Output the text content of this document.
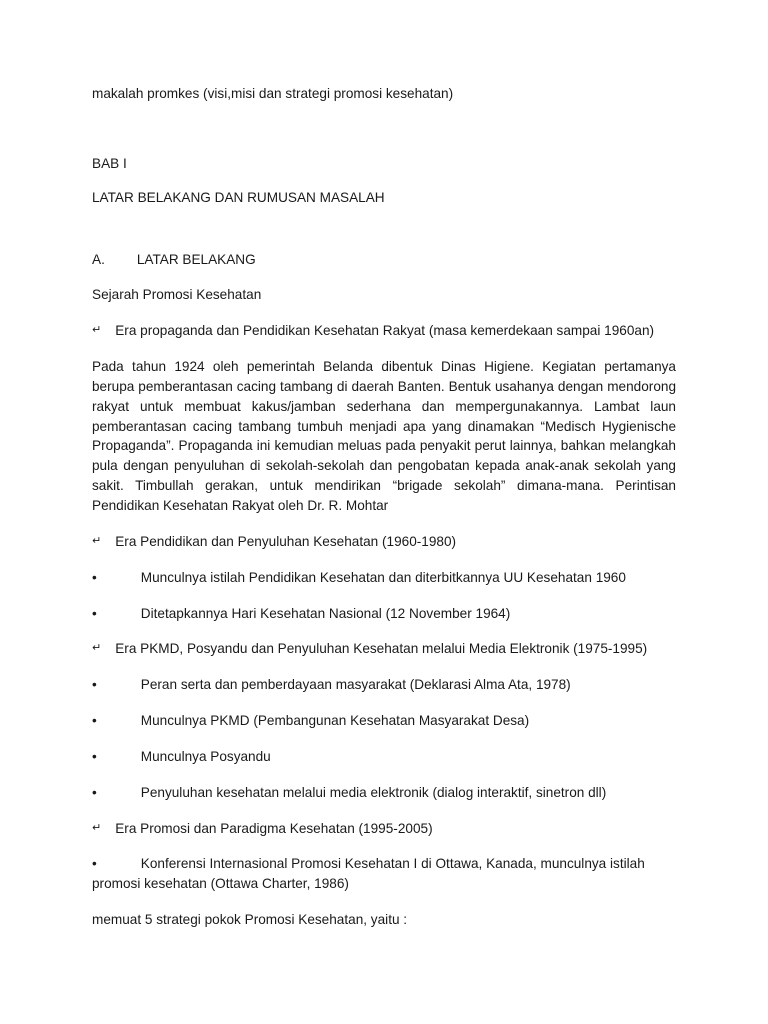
makalah promkes (visi,misi dan strategi promosi kesehatan)

BAB I

LATAR BELAKANG DAN RUMUSAN MASALAH

A. LATAR BELAKANG

Sejarah Promosi Kesehatan

↵ Era propaganda dan Pendidikan Kesehatan Rakyat (masa kemerdekaan sampai 1960an)

Pada tahun 1924 oleh pemerintah Belanda dibentuk Dinas Higiene. Kegiatan pertamanya berupa pemberantasan cacing tambang di daerah Banten. Bentuk usahanya dengan mendorong rakyat untuk membuat kakus/jamban sederhana dan mempergunakannya. Lambat laun pemberantasan cacing tambang tumbuh menjadi apa yang dinamakan “Medisch Hygienische Propaganda”. Propaganda ini kemudian meluas pada penyakit perut lainnya, bahkan melangkah pula dengan penyuluhan di sekolah-sekolah dan pengobatan kepada anak-anak sekolah yang sakit. Timbullah gerakan, untuk mendirikan “brigade sekolah” dimana-mana. Perintisan Pendidikan Kesehatan Rakyat oleh Dr. R. Mohtar

↵ Era Pendidikan dan Penyuluhan Kesehatan (1960-1980)

•	Munculnya istilah Pendidikan Kesehatan dan diterbitkannya UU Kesehatan 1960

•	Ditetapkannya Hari Kesehatan Nasional (12 November 1964)

↵ Era PKMD, Posyandu dan Penyuluhan Kesehatan melalui Media Elektronik (1975-1995)

•	Peran serta dan pemberdayaan masyarakat (Deklarasi Alma Ata, 1978)

•	Munculnya PKMD (Pembangunan Kesehatan Masyarakat Desa)

•	Munculnya Posyandu

•	Penyuluhan kesehatan melalui media elektronik (dialog interaktif, sinetron dll)

↵ Era Promosi dan Paradigma Kesehatan (1995-2005)

•	Konferensi Internasional Promosi Kesehatan I di Ottawa, Kanada, munculnya istilah promosi kesehatan (Ottawa Charter, 1986)

memuat 5 strategi pokok Promosi Kesehatan, yaitu :
